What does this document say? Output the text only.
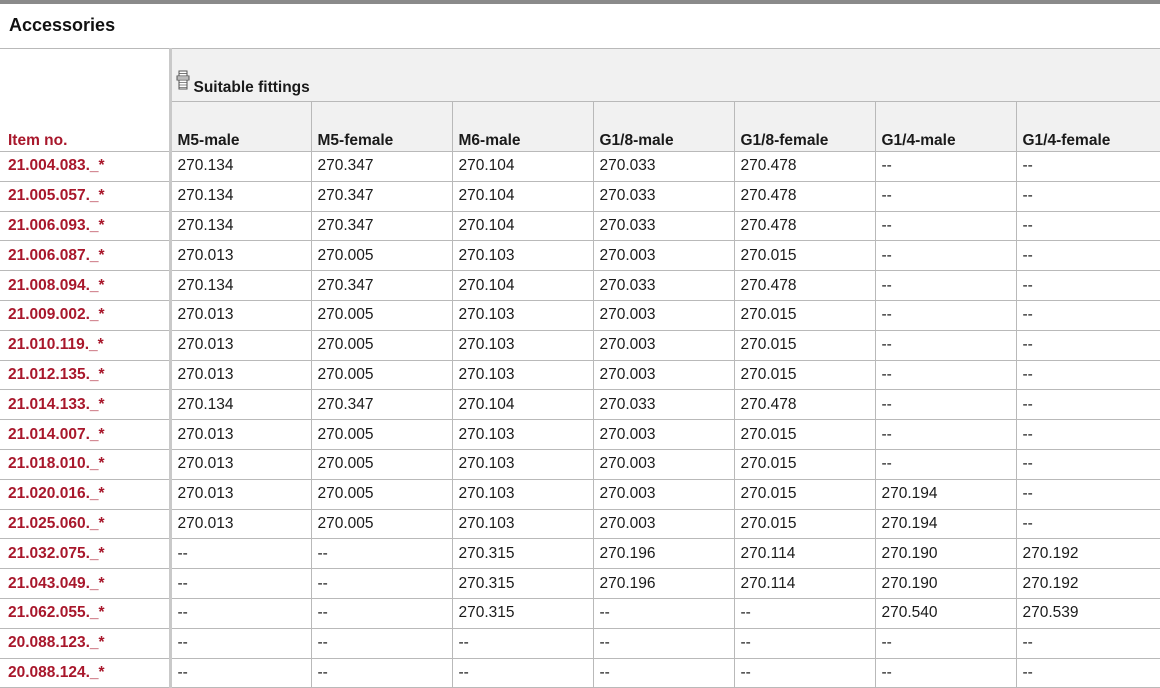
Accessories
Item no.	Suitable fittings						
	M5-male	M5-female	M6-male	G1/8-male	G1/8-female	G1/4-male	G1/4-female
21.004.083._*	270.134	270.347	270.104	270.033	270.478	--	--
21.005.057._*	270.134	270.347	270.104	270.033	270.478	--	--
21.006.093._*	270.134	270.347	270.104	270.033	270.478	--	--
21.006.087._*	270.013	270.005	270.103	270.003	270.015	--	--
21.008.094._*	270.134	270.347	270.104	270.033	270.478	--	--
21.009.002._*	270.013	270.005	270.103	270.003	270.015	--	--
21.010.119._*	270.013	270.005	270.103	270.003	270.015	--	--
21.012.135._*	270.013	270.005	270.103	270.003	270.015	--	--
21.014.133._*	270.134	270.347	270.104	270.033	270.478	--	--
21.014.007._*	270.013	270.005	270.103	270.003	270.015	--	--
21.018.010._*	270.013	270.005	270.103	270.003	270.015	--	--
21.020.016._*	270.013	270.005	270.103	270.003	270.015	270.194	--
21.025.060._*	270.013	270.005	270.103	270.003	270.015	270.194	--
21.032.075._*	--	--	270.315	270.196	270.114	270.190	270.192
21.043.049._*	--	--	270.315	270.196	270.114	270.190	270.192
21.062.055._*	--	--	270.315	--	--	270.540	270.539
20.088.123._*	--	--	--	--	--	--	--
20.088.124._*	--	--	--	--	--	--	--
